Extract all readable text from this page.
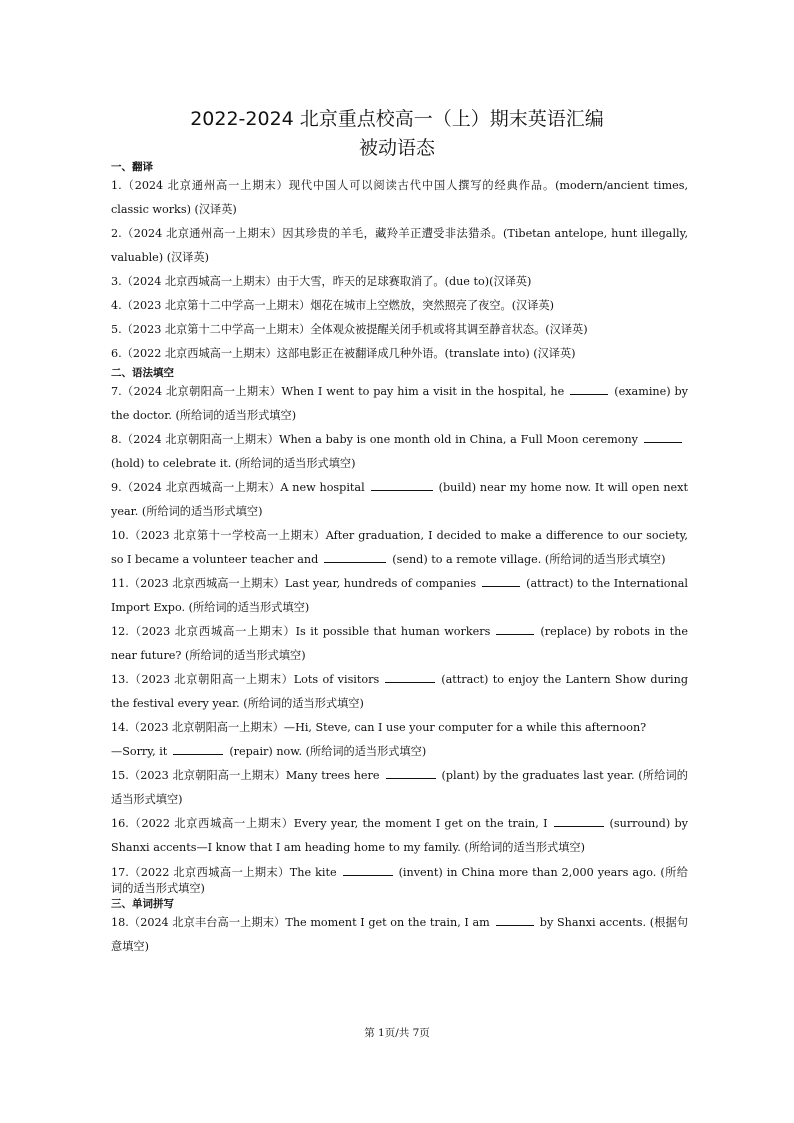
2022-2024 北京重点校高一（上）期末英语汇编

被动语态

一、翻译

1.（2024 北京通州高一上期末）现代中国人可以阅读古代中国人撰写的经典作品。(modern/ancient times, classic works) (汉译英)

2.（2024 北京通州高一上期末）因其珍贵的羊毛，藏羚羊正遭受非法猎杀。(Tibetan antelope, hunt illegally, valuable) (汉译英)

3.（2024 北京西城高一上期末）由于大雪，昨天的足球赛取消了。(due to)(汉译英)

4.（2023 北京第十二中学高一上期末）烟花在城市上空燃放，突然照亮了夜空。(汉译英)

5.（2023 北京第十二中学高一上期末）全体观众被提醒关闭手机或将其调至静音状态。(汉译英)

6.（2022 北京西城高一上期末）这部电影正在被翻译成几种外语。(translate into) (汉译英)

二、语法填空

7.（2024 北京朝阳高一上期末）When I went to pay him a visit in the hospital, he	(examine) by the doctor. (所给词的适当形式填空)

8.（2024 北京朝阳高一上期末）When a baby is one month old in China, a Full Moon ceremony(hold) to celebrate it. (所给词的适当形式填空)

9.（2024 北京西城高一上期末）A new hospital	(build) near my home now. It will open next year. (所给词的适当形式填空)

10.（2023 北京第十一学校高一上期末）After graduation, I decided to make a difference to our society, so I became a volunteer teacher and	(send) to a remote village. (所给词的适当形式填空)

11.（2023 北京西城高一上期末）Last year, hundreds of companies	(attract) to the International Import Expo. (所给词的适当形式填空)

12.（2023 北京西城高一上期末）Is it possible that human workers	(replace) by robots in the near future? (所给词的适当形式填空)

13.（2023 北京朝阳高一上期末）Lots of visitors	(attract) to enjoy the Lantern Show during the festival every year. (所给词的适当形式填空)

14.（2023 北京朝阳高一上期末）—Hi, Steve, can I use your computer for a while this afternoon?
—Sorry, it	(repair) now. (所给词的适当形式填空)

15.（2023 北京朝阳高一上期末）Many trees here	(plant) by the graduates last year. (所给词的适当形式填空)

16.（2022 北京西城高一上期末）Every year, the moment I get on the train, I	(surround) by Shanxi accents—I know that I am heading home to my family. (所给词的适当形式填空)

17.（2022 北京西城高一上期末）The kite	(invent) in China more than 2,000 years ago. (所给词的适当形式填空)

三、单词拼写

18.（2024 北京丰台高一上期末）The moment I get on the train, I am	by Shanxi accents. (根据句意填空)

第 1页/共 7页
